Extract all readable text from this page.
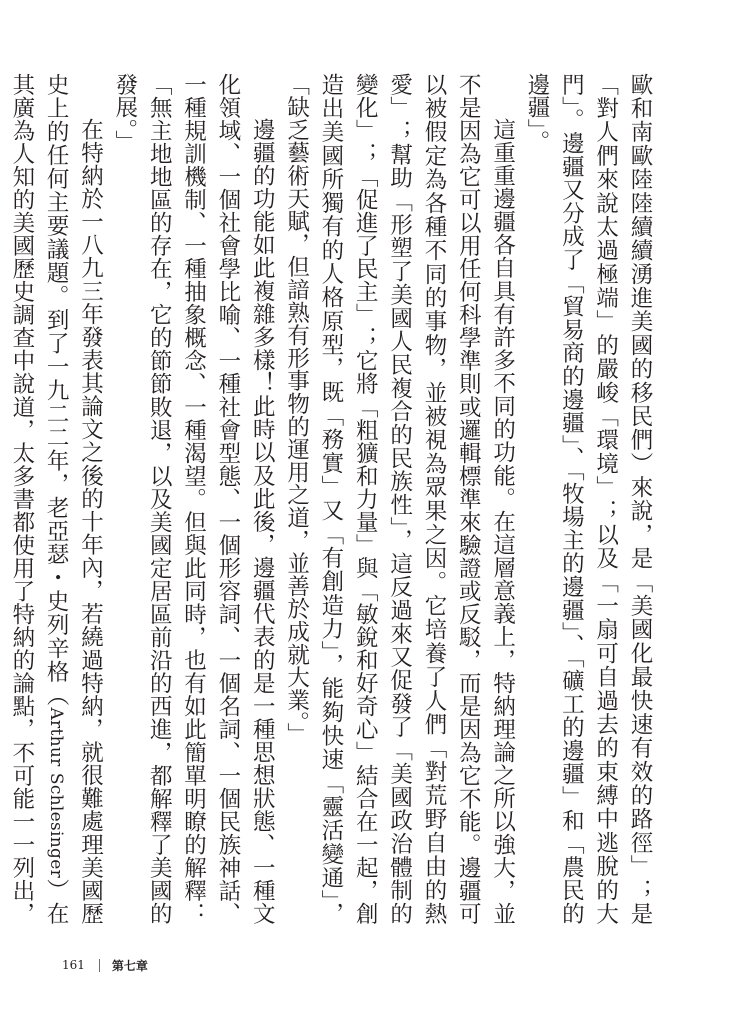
歐和南歐陸陸續續湧進美國的移民們）來說，是「美國化最快速有效的路徑」；是「對人們來說太過極端」的嚴峻「環境」；以及「一扇可自過去的束縛中逃脫的大門」。邊疆又分成了「貿易商的邊疆」、「牧場主的邊疆」、「礦工的邊疆」和「農民的邊疆」。

這重重邊疆各自具有許多不同的功能。在這層意義上，特納理論之所以強大，並不是因為它可以用任何科學準則或邏輯標準來驗證或反駁，而是因為它不能。邊疆可以被假定為各種不同的事物，並被視為眾果之因。它培養了人們「對荒野自由的熱愛」；幫助「形塑了美國人民複合的民族性」，這反過來又促發了「美國政治體制的變化」；「促進了民主」；它將「粗獷和力量」與「敏銳和好奇心」結合在一起，創造出美國所獨有的人格原型，既「務實」又「有創造力」，能夠快速「靈活變通」，「缺乏藝術天賦，但諳熟有形事物的運用之道，並善於成就大業。」

邊疆的功能如此複雜多樣！此時以及此後，邊疆代表的是一種思想狀態、一種文化領域、一個社會學比喻、一種社會型態、一個形容詞、一個名詞、一個民族神話、一種規訓機制、一種抽象概念、一種渴望。但與此同時，也有如此簡單明瞭的解釋：「無主地地區的存在，它的節節敗退，以及美國定居區前沿的西進，都解釋了美國的發展。」

在特納於一八九三年發表其論文之後的十年內，若繞過特納，就很難處理美國歷史上的任何主要議題。到了一九二二年，老亞瑟・史列辛格（Arthur Schlesinger）在其廣為人知的美國歷史調查中說道，太多書都使用了特納的論點，不可能一一列出，

161 第七章
